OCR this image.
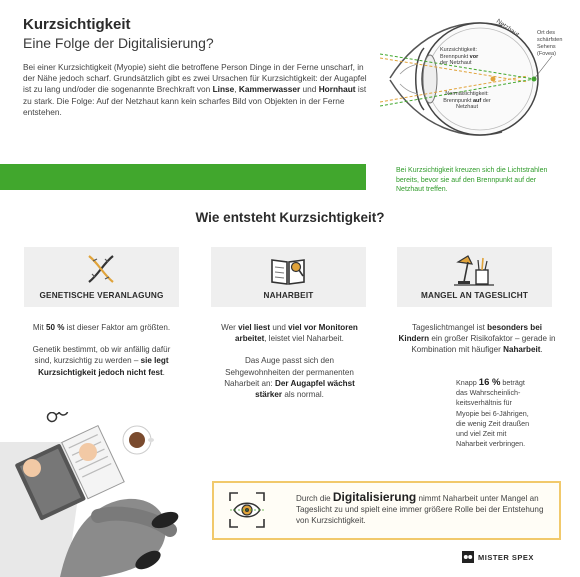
Kurzsichtigkeit
Eine Folge der Digitalisierung?
Bei einer Kurzsichtigkeit (Myopie) sieht die betroffene Person Dinge in der Ferne unscharf, in der Nähe jedoch scharf. Grundsätzlich gibt es zwei Ursachen für Kurzsichtigkeit: der Augapfel ist zu lang und/oder die sogenannte Brechkraft von Linse, Kammerwasser und Hornhaut ist zu stark. Die Folge: Auf der Netzhaut kann kein scharfes Bild von Objekten in der Ferne entstehen.
Netzhaut	Ort des
schärfsten
Sehens
(Fovea)
Kurzsichtigkeit:
Brennpunkt vor
der Netzhaut
Normalsichtigkeit:
Brennpunkt auf der
Netzhaut
Bei Kurzsichtigkeit kreuzen sich die Lichtstrahlen bereits, bevor sie auf den Brennpunkt auf der Netzhaut treffen.
Wie entsteht Kurzsichtigkeit?
GENETISCHE VERANLAGUNG	NAHARBEIT	MANGEL AN TAGESLICHT
Mit 50 % ist dieser Faktor am größten.
Genetik bestimmt, ob wir anfällig dafür sind, kurzsichtig zu werden – sie legt Kurzsichtigkeit jedoch nicht fest.
Wer viel liest und viel vor Monitoren arbeitet, leistet viel Naharbeit.
Das Auge passt sich den Sehgewohnheiten der permanenten Naharbeit an: Der Augapfel wächst stärker als normal.
Tageslichtmangel ist besonders bei Kindern ein großer Risikofaktor – gerade in Kombination mit häufiger Naharbeit.
Knapp 16 % beträgt das Wahrscheinlich-keitsverhältnis für Myopie bei 6-Jährigen, die wenig Zeit draußen und viel Zeit mit Naharbeit verbringen.
Durch die Digitalisierung nimmt Naharbeit unter Mangel an Tageslicht zu und spielt eine immer größere Rolle bei der Entstehung von Kurzsichtigkeit.
MISTER SPEX
